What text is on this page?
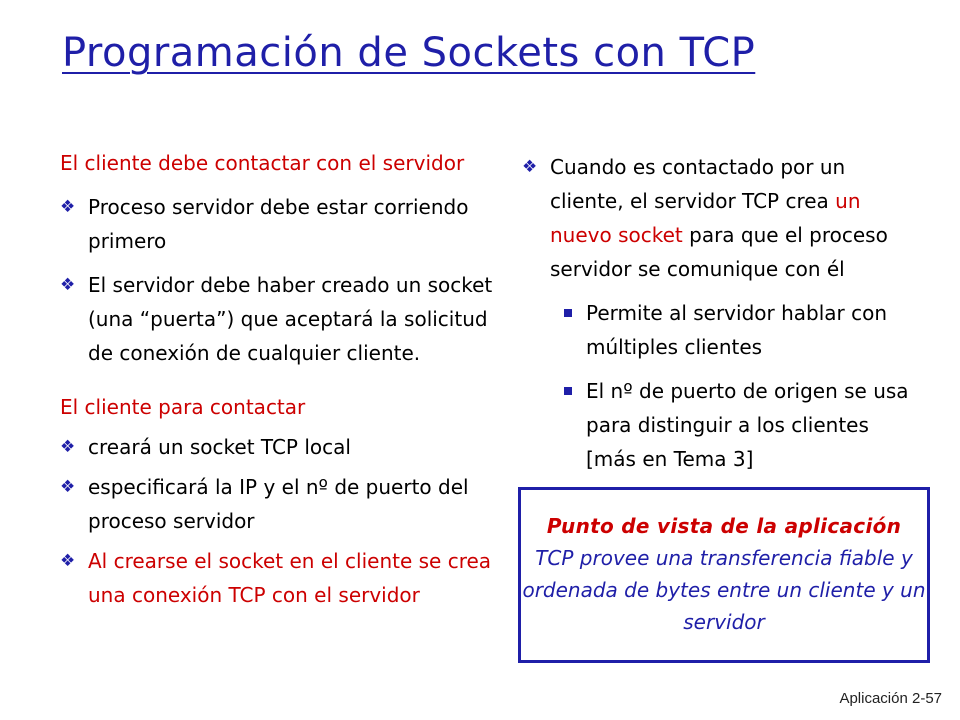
Programación de Sockets con TCP

El cliente debe contactar con el servidor

❖ Proceso servidor debe estar corriendo primero

❖ El servidor debe haber creado un socket (una “puerta”) que aceptará la solicitud de conexión de cualquier cliente.

El cliente para contactar

❖ creará un socket TCP local

❖ especificará la IP y el nº de puerto del proceso servidor

❖ Al crearse el socket en el cliente se crea una conexión TCP con el servidor

❖ Cuando es contactado por un cliente, el servidor TCP crea un nuevo socket para que el proceso servidor se comunique con él

Permite al servidor hablar con múltiples clientes

El nº de puerto de origen se usa para distinguir a los clientes [más en Tema 3]

Punto de vista de la aplicación
TCP provee una transferencia fiable y ordenada de bytes entre un cliente y un servidor
Aplicación 2-57
